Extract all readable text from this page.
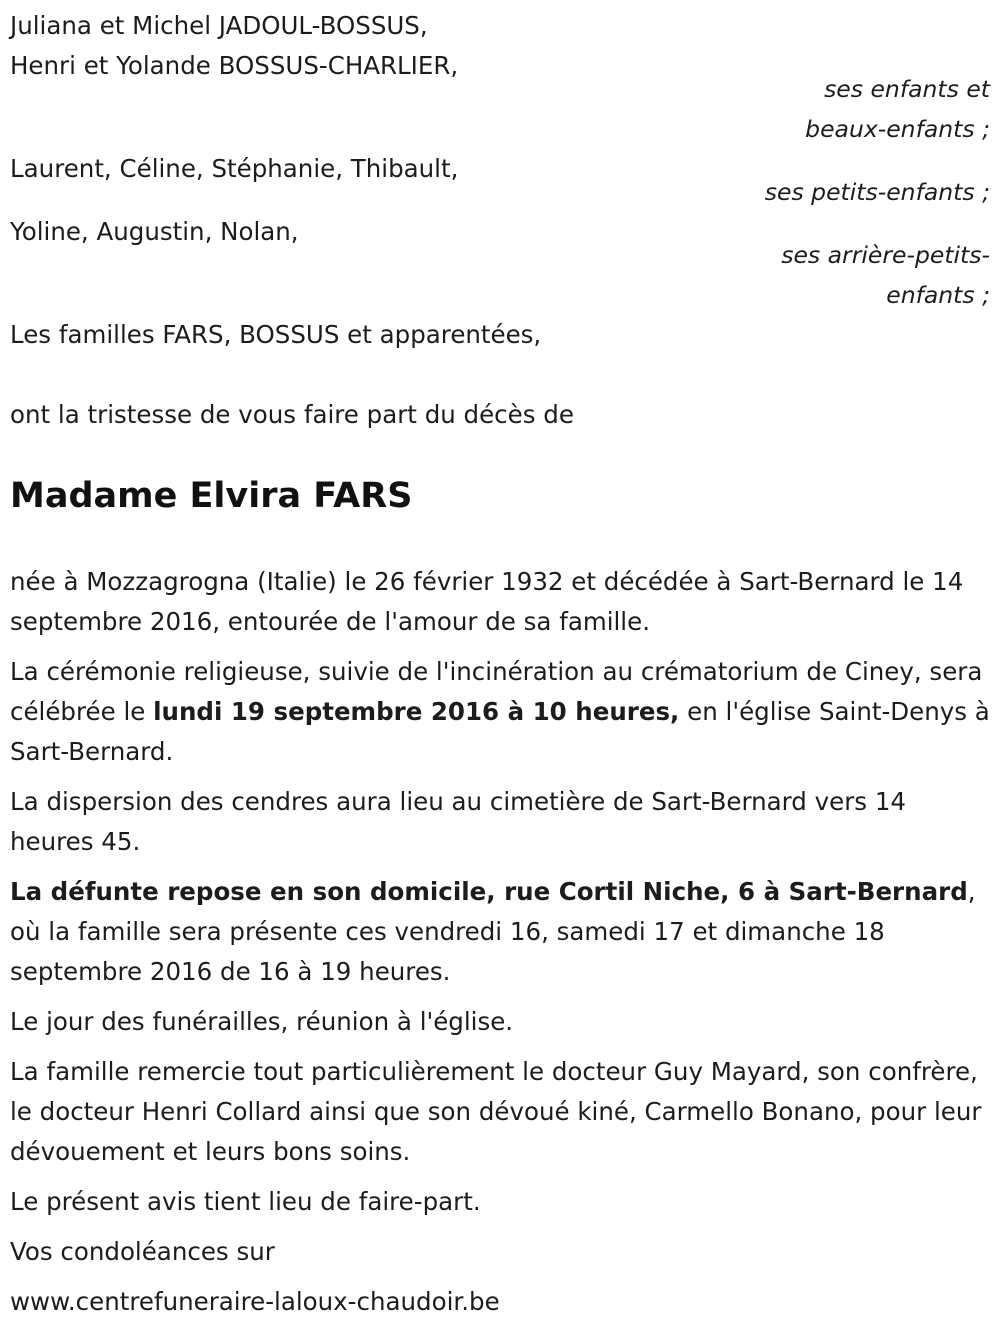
Juliana et Michel JADOUL-BOSSUS,
Henri et Yolande BOSSUS-CHARLIER,
ses enfants et
beaux-enfants ;
Laurent, Céline, Stéphanie, Thibault,
ses petits-enfants ;
Yoline, Augustin, Nolan,
ses arrière-petits-
enfants ;
Les familles FARS, BOSSUS et apparentées,
ont la tristesse de vous faire part du décès de
Madame Elvira FARS

née à Mozzagrogna (Italie) le 26 février 1932 et décédée à Sart-Bernard le 14 septembre 2016, entourée de l'amour de sa famille.

La cérémonie religieuse, suivie de l'incinération au crématorium de Ciney, sera célébrée le lundi 19 septembre 2016 à 10 heures, en l'église Saint-Denys à Sart-Bernard.

La dispersion des cendres aura lieu au cimetière de Sart-Bernard vers 14 heures 45.

La défunte repose en son domicile, rue Cortil Niche, 6 à Sart-Bernard, où la famille sera présente ces vendredi 16, samedi 17 et dimanche 18 septembre 2016 de 16 à 19 heures.

Le jour des funérailles, réunion à l'église.

La famille remercie tout particulièrement le docteur Guy Mayard, son confrère, le docteur Henri Collard ainsi que son dévoué kiné, Carmello Bonano, pour leur dévouement et leurs bons soins.

Le présent avis tient lieu de faire-part.

Vos condoléances sur

www.centrefuneraire-laloux-chaudoir.be
